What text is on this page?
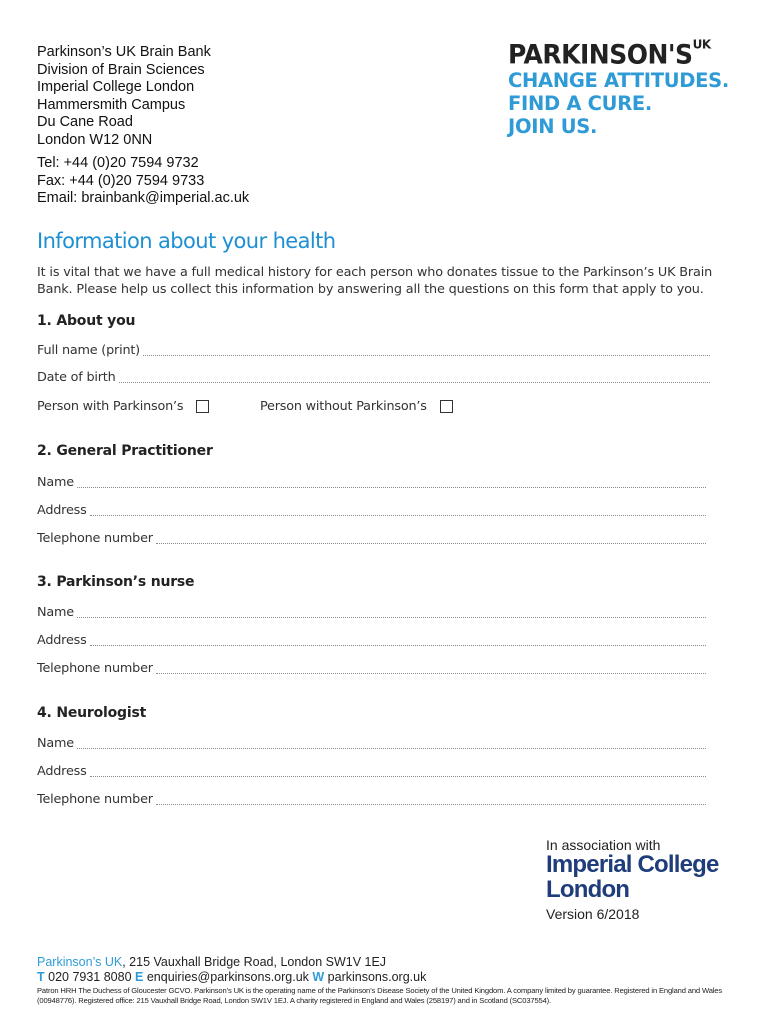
Parkinson’s UK Brain Bank
Division of Brain Sciences
Imperial College London
Hammersmith Campus
Du Cane Road
London W12 0NN
Tel: +44 (0)20 7594 9732
Fax: +44 (0)20 7594 9733
Email: brainbank@imperial.ac.uk
$PARKINSON'S^{UK}$
CHANGE ATTITUDES.
FIND A CURE.
JOIN US.
Information about your health
It is vital that we have a full medical history for each person who donates tissue to the Parkinson’s UK Brain Bank. Please help us collect this information by answering all the questions on this form that apply to you.
1. About you
Full name (print)
Date of birth
Person with Parkinson’s	Person without Parkinson’s
2. General Practitioner
Name
Address
Telephone number
3. Parkinson’s nurse
Name
Address
Telephone number
4. Neurologist
Name
Address
Telephone number
In association with
Imperial College
London
Version 6/2018
Parkinson’s UK, 215 Vauxhall Bridge Road, London SW1V 1EJ
T 020 7931 8080 E enquiries@parkinsons.org.uk W parkinsons.org.uk
Patron HRH The Duchess of Gloucester GCVO. Parkinson’s UK is the operating name of the Parkinson’s Disease Society of the United Kingdom. A company limited by guarantee. Registered in England and Wales (00948776). Registered office: 215 Vauxhall Bridge Road, London SW1V 1EJ. A charity registered in England and Wales (258197) and in Scotland (SC037554).
